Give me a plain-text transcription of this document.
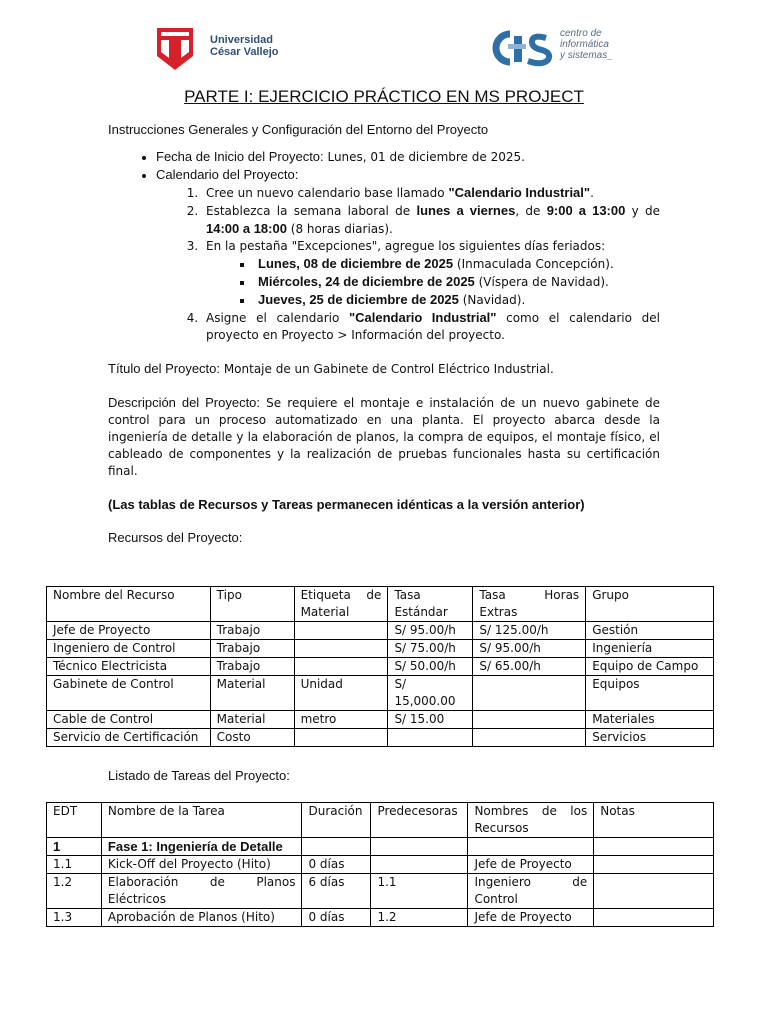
Universidad
César Vallejo
centro de
informática
y sistemas_
PARTE I: EJERCICIO PRÁCTICO EN MS PROJECT

Instrucciones Generales y Configuración del Entorno del Proyecto

• Fecha de Inicio del Proyecto: Lunes, 01 de diciembre de 2025.
• Calendario del Proyecto:
1. Cree un nuevo calendario base llamado "Calendario Industrial".
2. Establezca la semana laboral de lunes a viernes, de 9:00 a 13:00 y de 14:00 a 18:00 (8 horas diarias).
3. En la pestaña "Excepciones", agregue los siguientes días feriados:
▪ Lunes, 08 de diciembre de 2025 (Inmaculada Concepción).
▪ Miércoles, 24 de diciembre de 2025 (Víspera de Navidad).
▪ Jueves, 25 de diciembre de 2025 (Navidad).
4. Asigne el calendario "Calendario Industrial" como el calendario del proyecto en Proyecto > Información del proyecto.

Título del Proyecto: Montaje de un Gabinete de Control Eléctrico Industrial.

Descripción del Proyecto: Se requiere el montaje e instalación de un nuevo gabinete de control para un proceso automatizado en una planta. El proyecto abarca desde la ingeniería de detalle y la elaboración de planos, la compra de equipos, el montaje físico, el cableado de componentes y la realización de pruebas funcionales hasta su certificación final.

(Las tablas de Recursos y Tareas permanecen idénticas a la versión anterior)

Recursos del Proyecto:

Nombre del Recurso	Tipo	Etiqueta de Material	Tasa Estándar	Tasa Horas Extras	Grupo
Jefe de Proyecto	Trabajo		S/ 95.00/h	S/ 125.00/h	Gestión
Ingeniero de Control	Trabajo		S/ 75.00/h	S/ 95.00/h	Ingeniería
Técnico Electricista	Trabajo		S/ 50.00/h	S/ 65.00/h	Equipo de Campo
Gabinete de Control	Material	Unidad	S/ 15,000.00		Equipos
Cable de Control	Material	metro	S/ 15.00		Materiales
Servicio de Certificación	Costo				Servicios

Listado de Tareas del Proyecto:

EDT	Nombre de la Tarea	Duración	Predecesoras	Nombres de los Recursos	Notas
1	Fase 1: Ingeniería de Detalle				
1.1	Kick-Off del Proyecto (Hito)	0 días		Jefe de Proyecto	
1.2	Elaboración de Planos Eléctricos	6 días	1.1	Ingeniero de Control	
1.3	Aprobación de Planos (Hito)	0 días	1.2	Jefe de Proyecto	
